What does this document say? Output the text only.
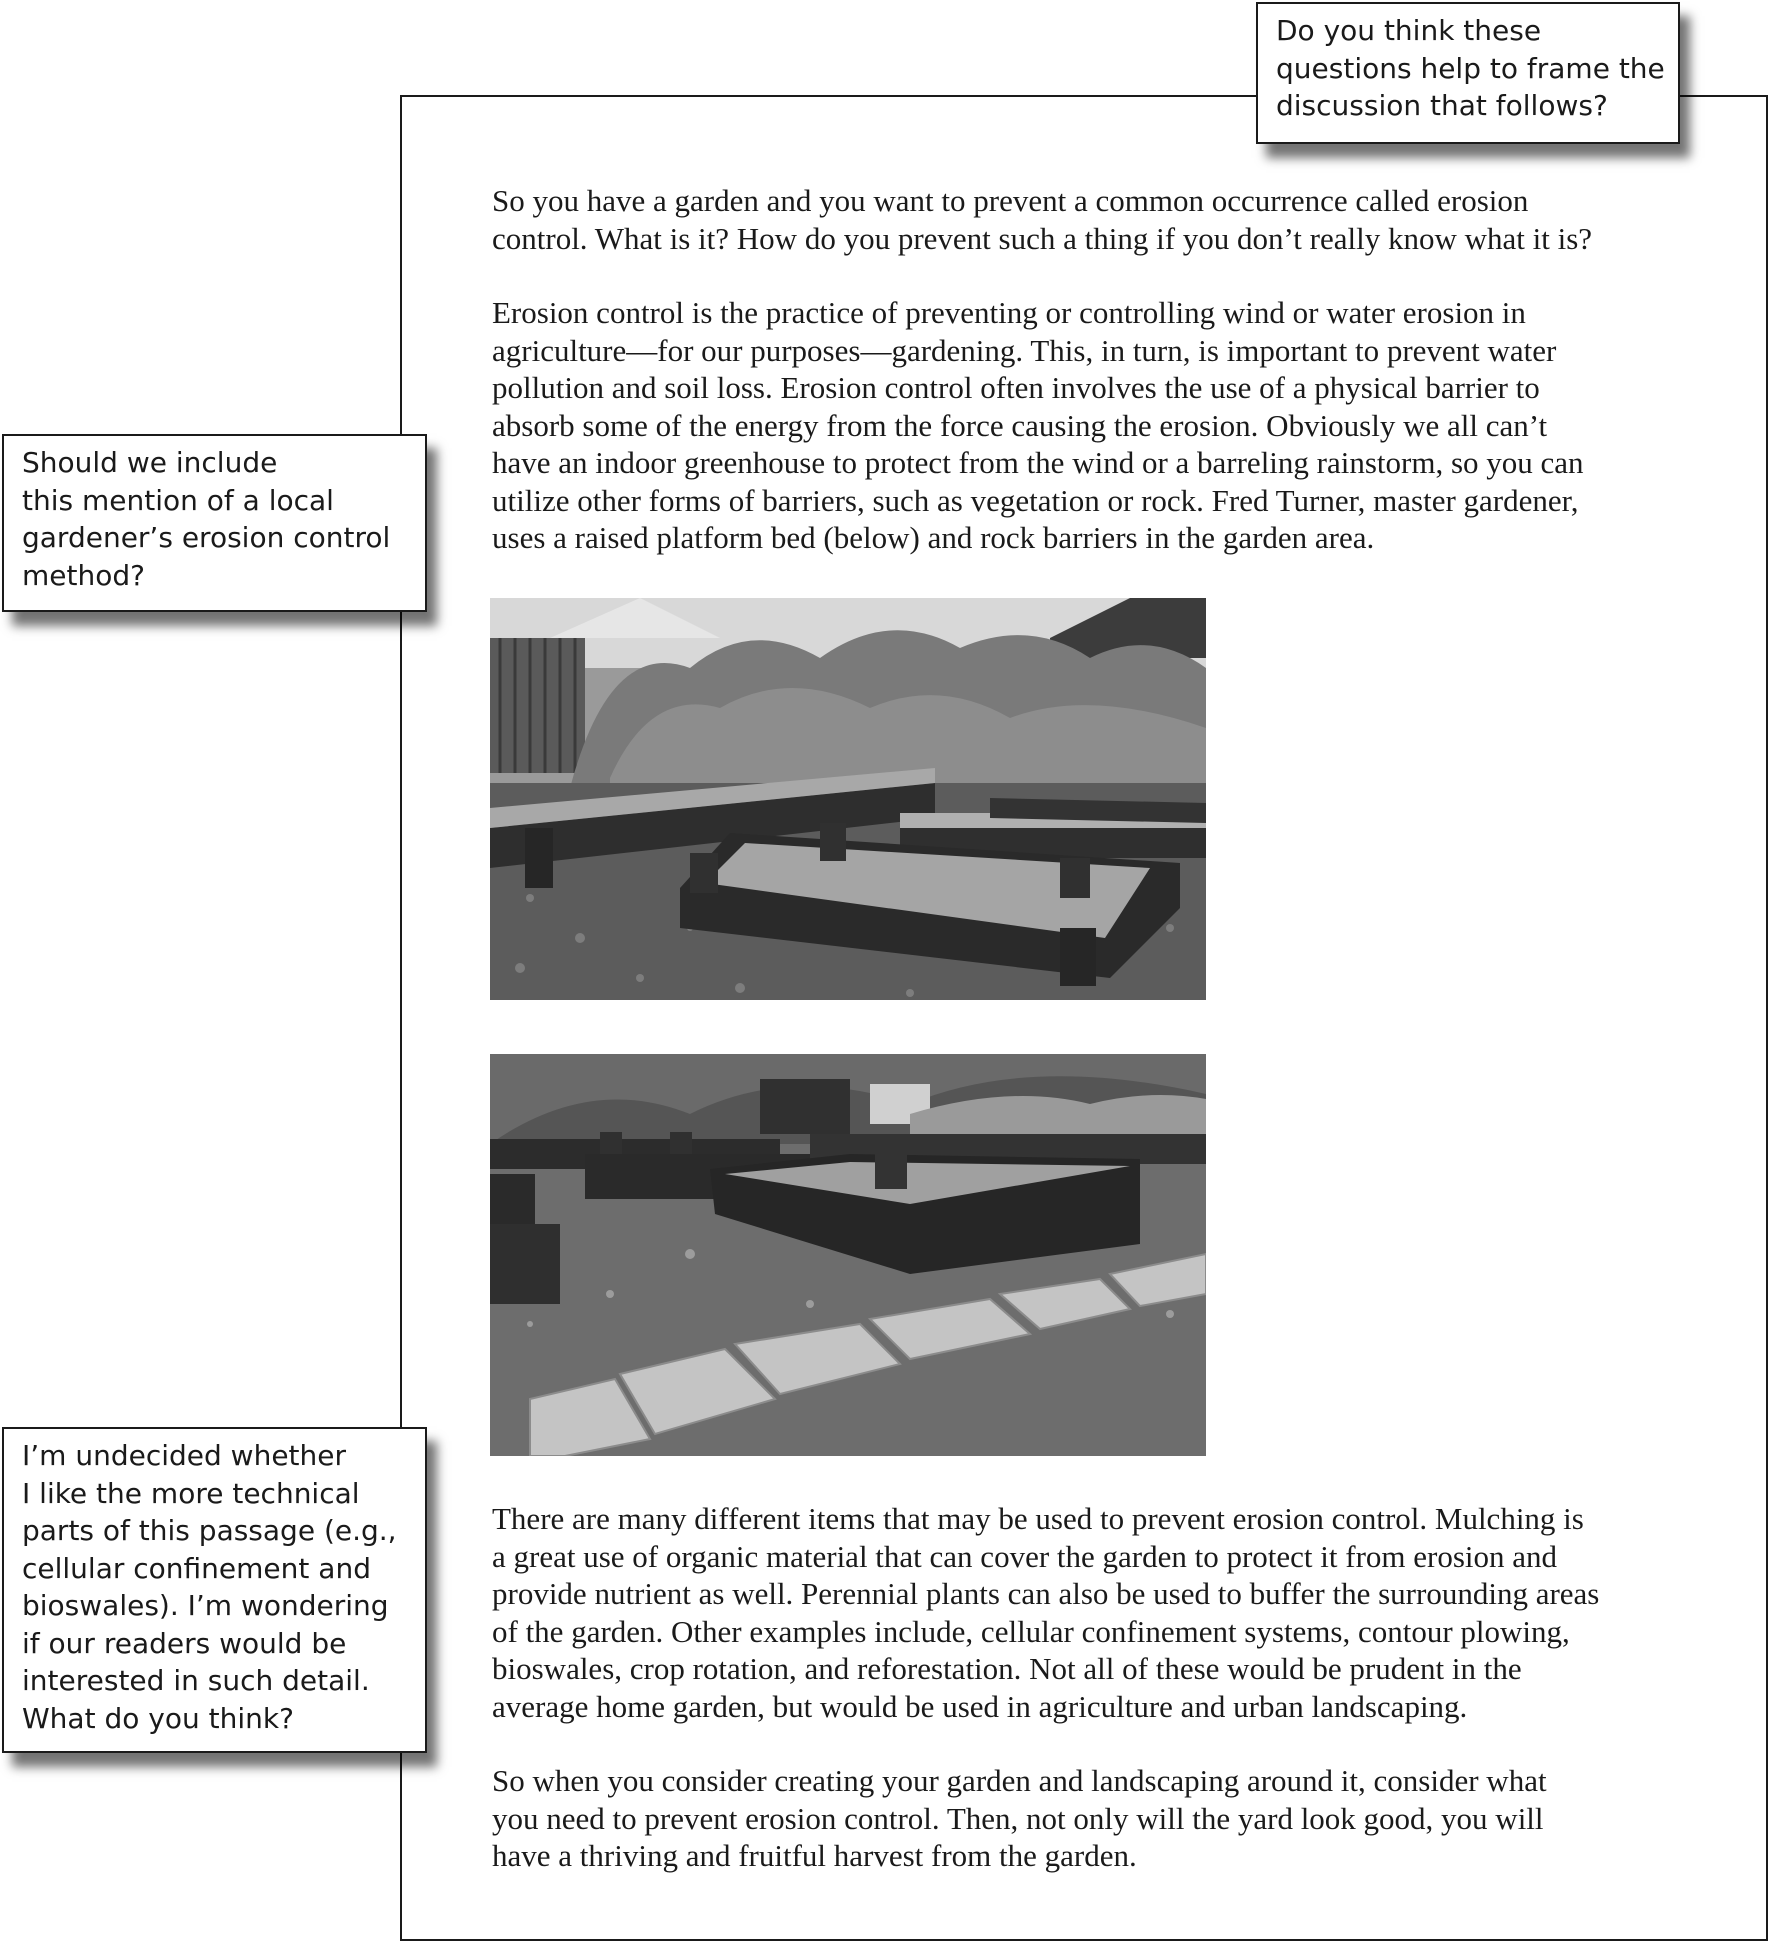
So you have a garden and you want to prevent a common occurrence called erosion
control. What is it? How do you prevent such a thing if you don’t really know what it is?
Erosion control is the practice of preventing or controlling wind or water erosion in
agriculture—for our purposes—gardening. This, in turn, is important to prevent water
pollution and soil loss. Erosion control often involves the use of a physical barrier to
absorb some of the energy from the force causing the erosion. Obviously we all can’t
have an indoor greenhouse to protect from the wind or a barreling rainstorm, so you can
utilize other forms of barriers, such as vegetation or rock. Fred Turner, master gardener,
uses a raised platform bed (below) and rock barriers in the garden area.
There are many different items that may be used to prevent erosion control. Mulching is
a great use of organic material that can cover the garden to protect it from erosion and
provide nutrient as well. Perennial plants can also be used to buffer the surrounding areas
of the garden. Other examples include, cellular confinement systems, contour plowing,
bioswales, crop rotation, and reforestation. Not all of these would be prudent in the
average home garden, but would be used in agriculture and urban landscaping.
So when you consider creating your garden and landscaping around it, consider what
you need to prevent erosion control. Then, not only will the yard look good, you will
have a thriving and fruitful harvest from the garden.
Do you think these
questions help to frame the
discussion that follows?
Should we include
this mention of a local
gardener’s erosion control
method?
I’m undecided whether
I like the more technical
parts of this passage (e.g.,
cellular confinement and
bioswales). I’m wondering
if our readers would be
interested in such detail.
What do you think?
